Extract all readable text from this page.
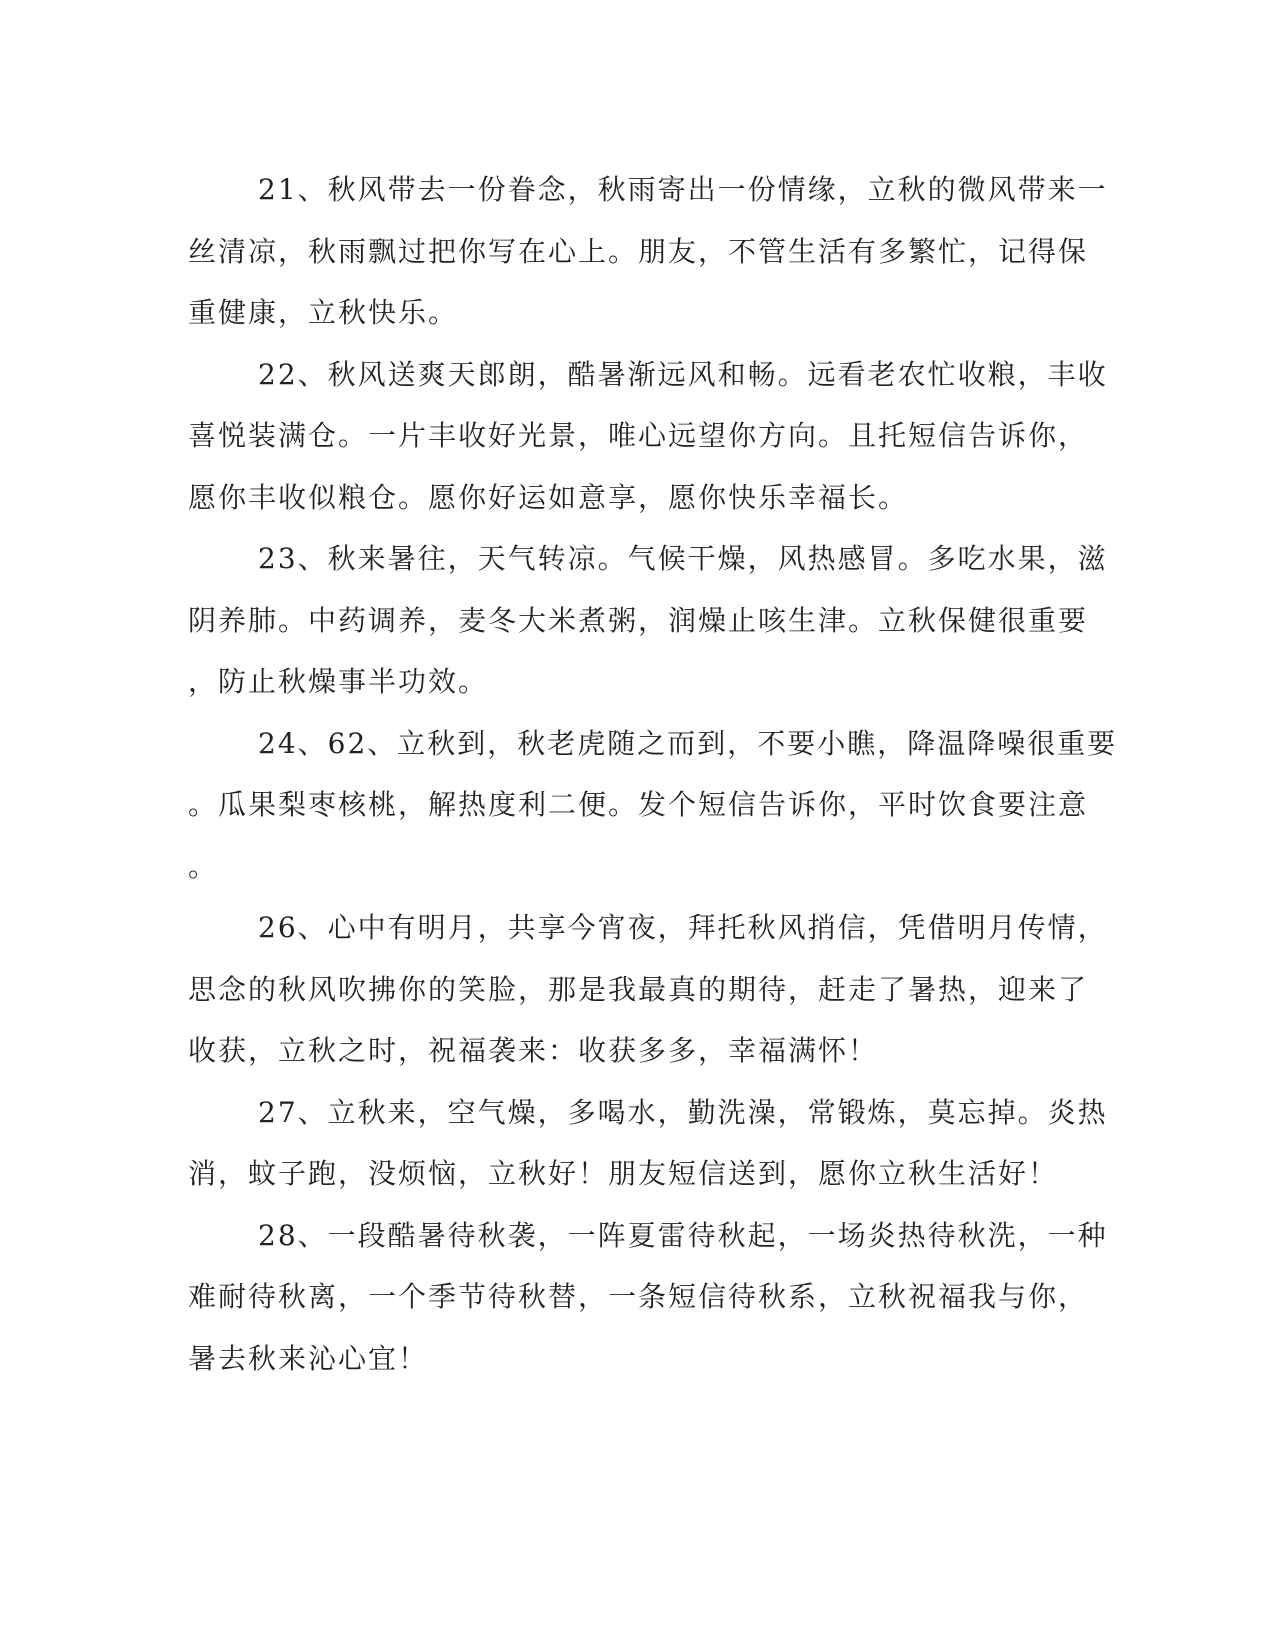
21、秋风带去一份眷念，秋雨寄出一份情缘，立秋的微风带来一
丝清凉，秋雨飘过把你写在心上。朋友，不管生活有多繁忙，记得保
重健康，立秋快乐。

22、秋风送爽天郎朗，酷暑渐远风和畅。远看老农忙收粮，丰收
喜悦装满仓。一片丰收好光景，唯心远望你方向。且托短信告诉你，
愿你丰收似粮仓。愿你好运如意享，愿你快乐幸福长。

23、秋来暑往，天气转凉。气候干燥，风热感冒。多吃水果，滋
阴养肺。中药调养，麦冬大米煮粥，润燥止咳生津。立秋保健很重要
，防止秋燥事半功效。

24、62、立秋到，秋老虎随之而到，不要小瞧，降温降噪很重要
。瓜果梨枣核桃，解热度利二便。发个短信告诉你，平时饮食要注意
。

26、心中有明月，共享今宵夜，拜托秋风捎信，凭借明月传情，
思念的秋风吹拂你的笑脸，那是我最真的期待，赶走了暑热，迎来了
收获，立秋之时，祝福袭来：收获多多，幸福满怀！

27、立秋来，空气燥，多喝水，勤洗澡，常锻炼，莫忘掉。炎热
消，蚊子跑，没烦恼，立秋好！朋友短信送到，愿你立秋生活好！

28、一段酷暑待秋袭，一阵夏雷待秋起，一场炎热待秋洗，一种
难耐待秋离，一个季节待秋替，一条短信待秋系，立秋祝福我与你，
暑去秋来沁心宜！
